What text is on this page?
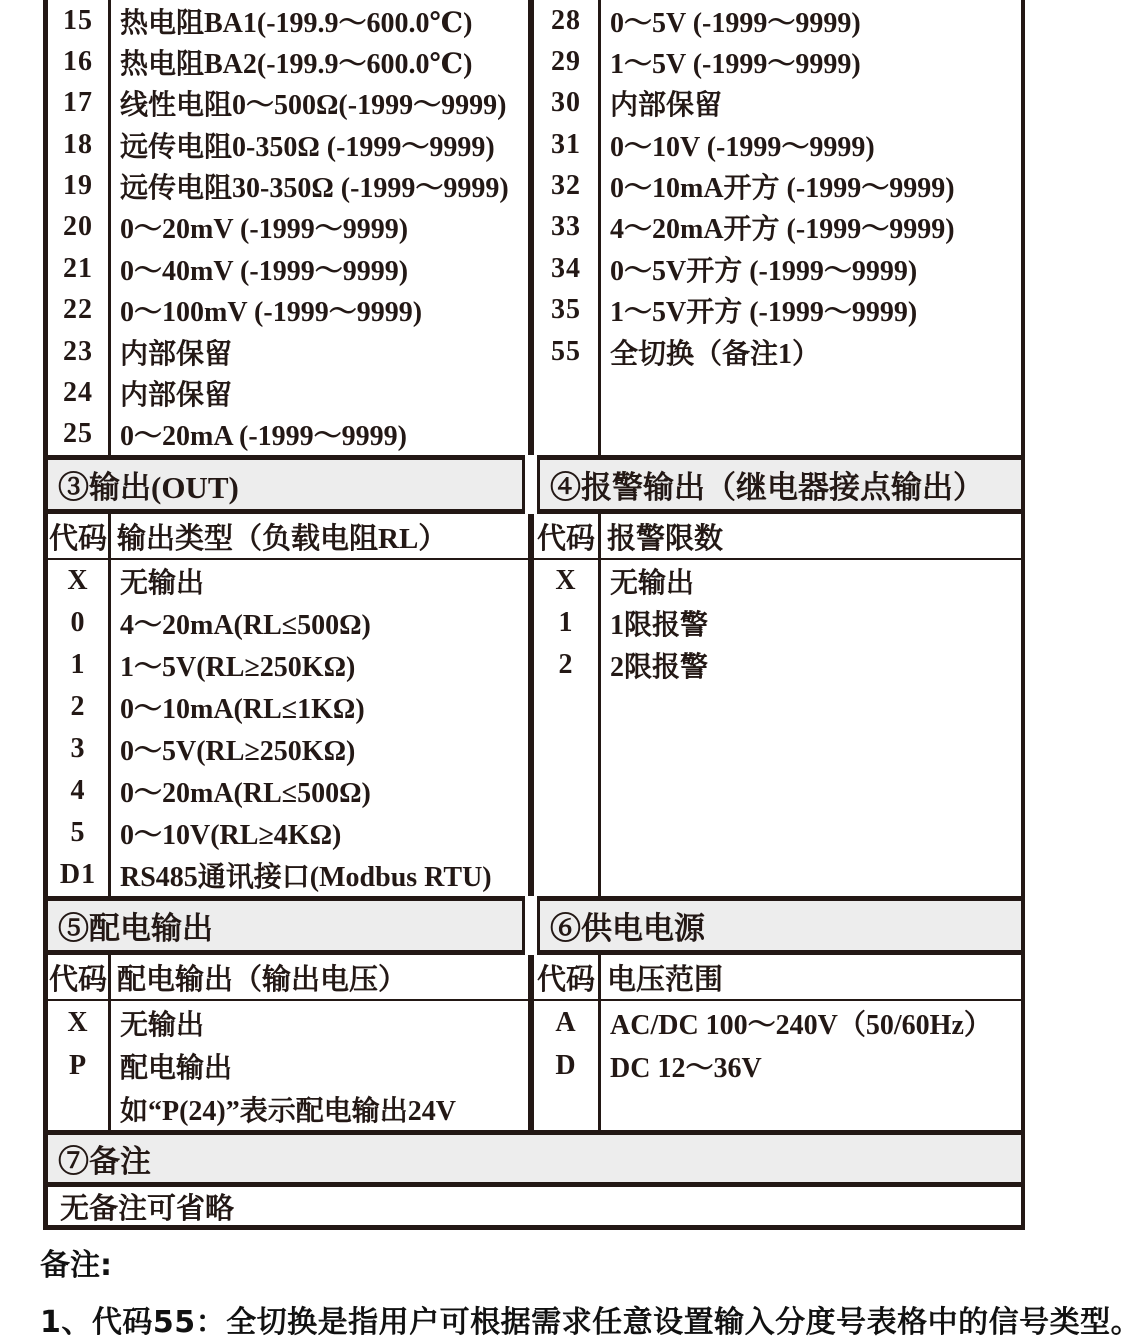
15 热电阻BA1(-199.9～600.0℃)
16 热电阻BA2(-199.9～600.0℃)
17 线性电阻0～500Ω(-1999～9999)
18 远传电阻0-350Ω (-1999～9999)
19 远传电阻30-350Ω (-1999～9999)
20 0～20mV (-1999～9999)
21 0～40mV (-1999～9999)
22 0～100mV (-1999～9999)
23 内部保留
24 内部保留
25 0～20mA (-1999～9999)
28	0～5V (-1999～9999)
29	1～5V (-1999～9999)
30	内部保留
31	0～10V (-1999～9999)
32	0～10mA开方 (-1999～9999)
33	4～20mA开方 (-1999～9999)
34	0～5V开方 (-1999～9999)
35	1～5V开方 (-1999～9999)
55	全切换（备注1）
③输出(OUT)	④报警输出（继电器接点输出）
代码 输出类型（负载电阻RL）	代码 报警限数
X	无输出
0	4～20mA(RL≤500Ω)
1	1～5V(RL≥250KΩ)
2	0～10mA(RL≤1KΩ)
3	0～5V(RL≥250KΩ)
4	0～20mA(RL≤500Ω)
5	0～10V(RL≥4KΩ)
D1 RS485通讯接口(Modbus RTU)
X	无输出
1	1限报警
2	2限报警
⑤配电输出	⑥供电电源
代码 配电输出（输出电压）	代码 电压范围
X	无输出
P	配电输出
如“P(24)”表示配电输出24V
A	AC/DC 100～240V（50/60Hz）
D	DC 12～36V
⑦备注
无备注可省略
备注:
1、代码55：全切换是指用户可根据需求任意设置输入分度号表格中的信号类型。
